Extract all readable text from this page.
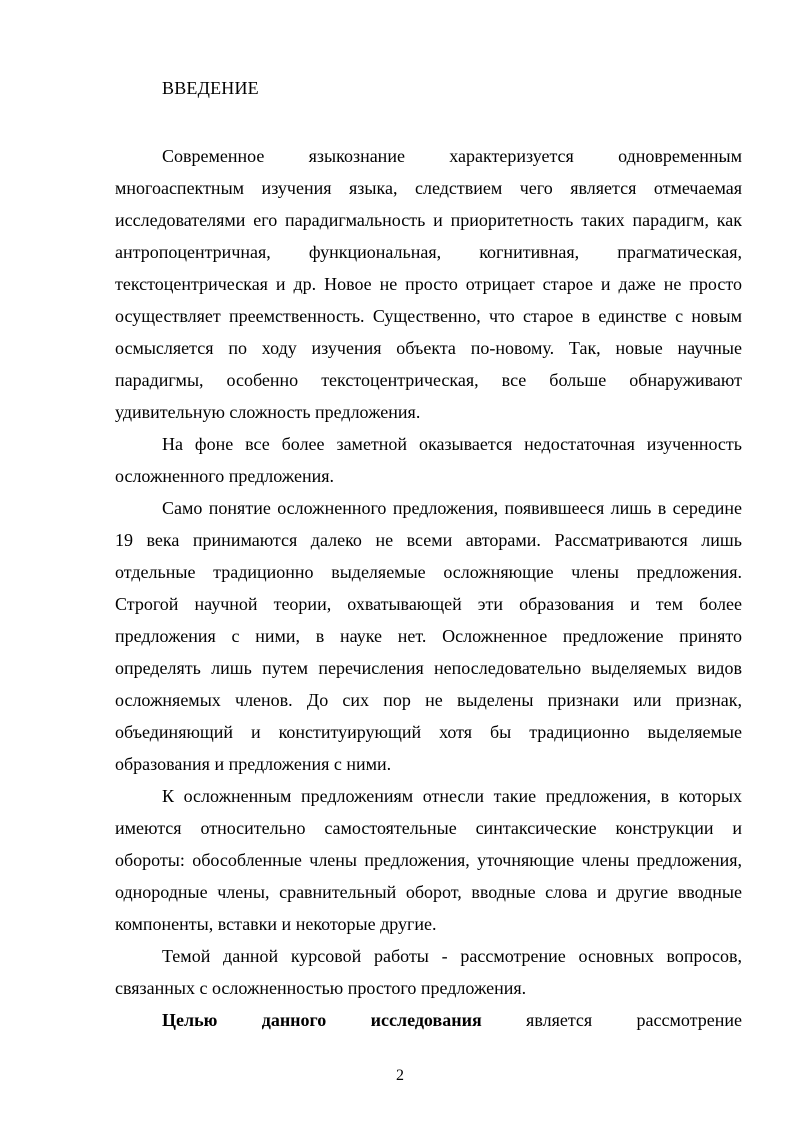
ВВЕДЕНИЕ

Современное языкознание характеризуется одновременным многоаспектным изучения языка, следствием чего является отмечаемая исследователями его парадигмальность и приоритетность таких парадигм, как антропоцентричная, функциональная, когнитивная, прагматическая, текстоцентрическая и др. Новое не просто отрицает старое и даже не просто осуществляет преемственность. Существенно, что старое в единстве с новым осмысляется по ходу изучения объекта по-новому. Так, новые научные парадигмы, особенно текстоцентрическая, все больше обнаруживают удивительную сложность предложения.

На фоне все более заметной оказывается недостаточная изученность осложненного предложения.

Само понятие осложненного предложения, появившееся лишь в середине 19 века принимаются далеко не всеми авторами. Рассматриваются лишь отдельные традиционно выделяемые осложняющие члены предложения. Строгой научной теории, охватывающей эти образования и тем более предложения с ними, в науке нет. Осложненное предложение принято определять лишь путем перечисления непоследовательно выделяемых видов осложняемых членов. До сих пор не выделены признаки или признак, объединяющий и конституирующий хотя бы традиционно выделяемые образования и предложения с ними.

К осложненным предложениям отнесли такие предложения, в которых имеются относительно самостоятельные синтаксические конструкции и обороты: обособленные члены предложения, уточняющие члены предложения, однородные члены, сравнительный оборот, вводные слова и другие вводные компоненты, вставки и некоторые другие.

Темой данной курсовой работы - рассмотрение основных вопросов, связанных с осложненностью простого предложения.

Целью данного исследования является рассмотрение

2
